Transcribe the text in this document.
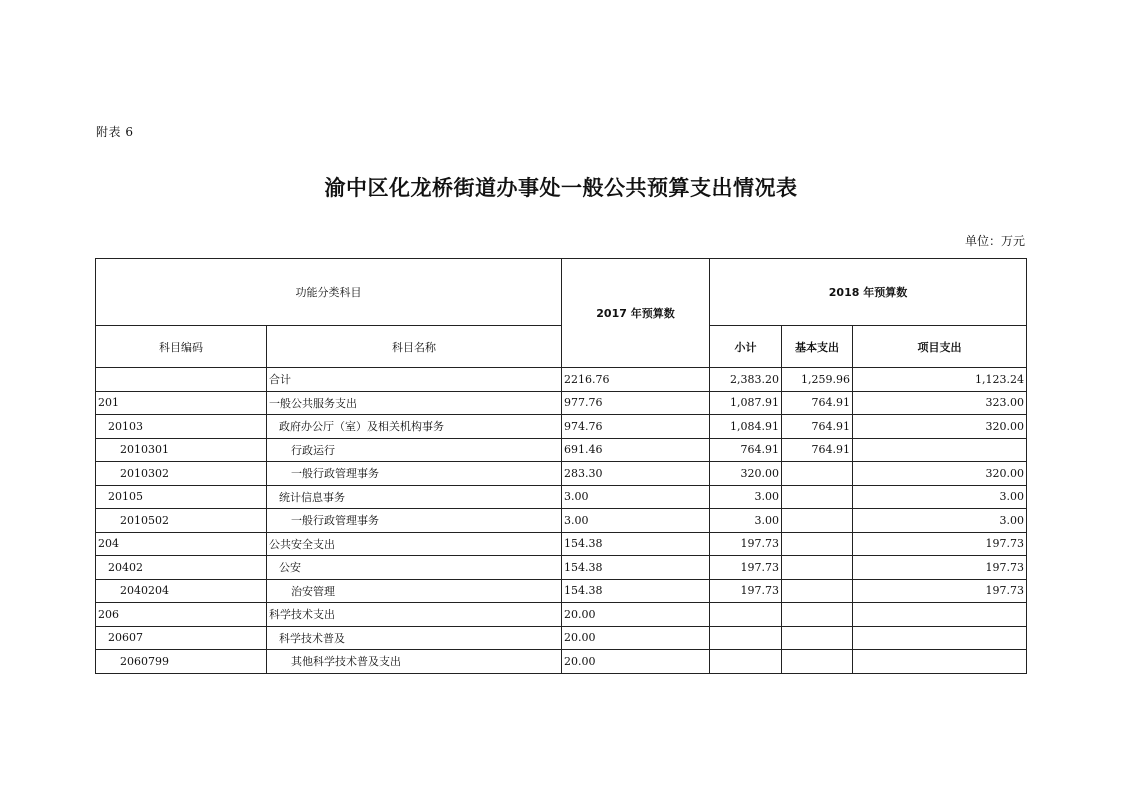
附表 6
渝中区化龙桥街道办事处一般公共预算支出情况表
单位：万元
功能分类科目		2017 年预算数	2018 年预算数		
科目编码	科目名称		小计	基本支出	项目支出
	合计	2216.76	2,383.20	1,259.96	1,123.24
201	一般公共服务支出	977.76	1,087.91	764.91	323.00
20103	政府办公厅（室）及相关机构事务	974.76	1,084.91	764.91	320.00
2010301	行政运行	691.46	764.91	764.91	
2010302	一般行政管理事务	283.30	320.00		320.00
20105	统计信息事务	3.00	3.00		3.00
2010502	一般行政管理事务	3.00	3.00		3.00
204	公共安全支出	154.38	197.73		197.73
20402	公安	154.38	197.73		197.73
2040204	治安管理	154.38	197.73		197.73
206	科学技术支出	20.00			
20607	科学技术普及	20.00			
2060799	其他科学技术普及支出	20.00			
